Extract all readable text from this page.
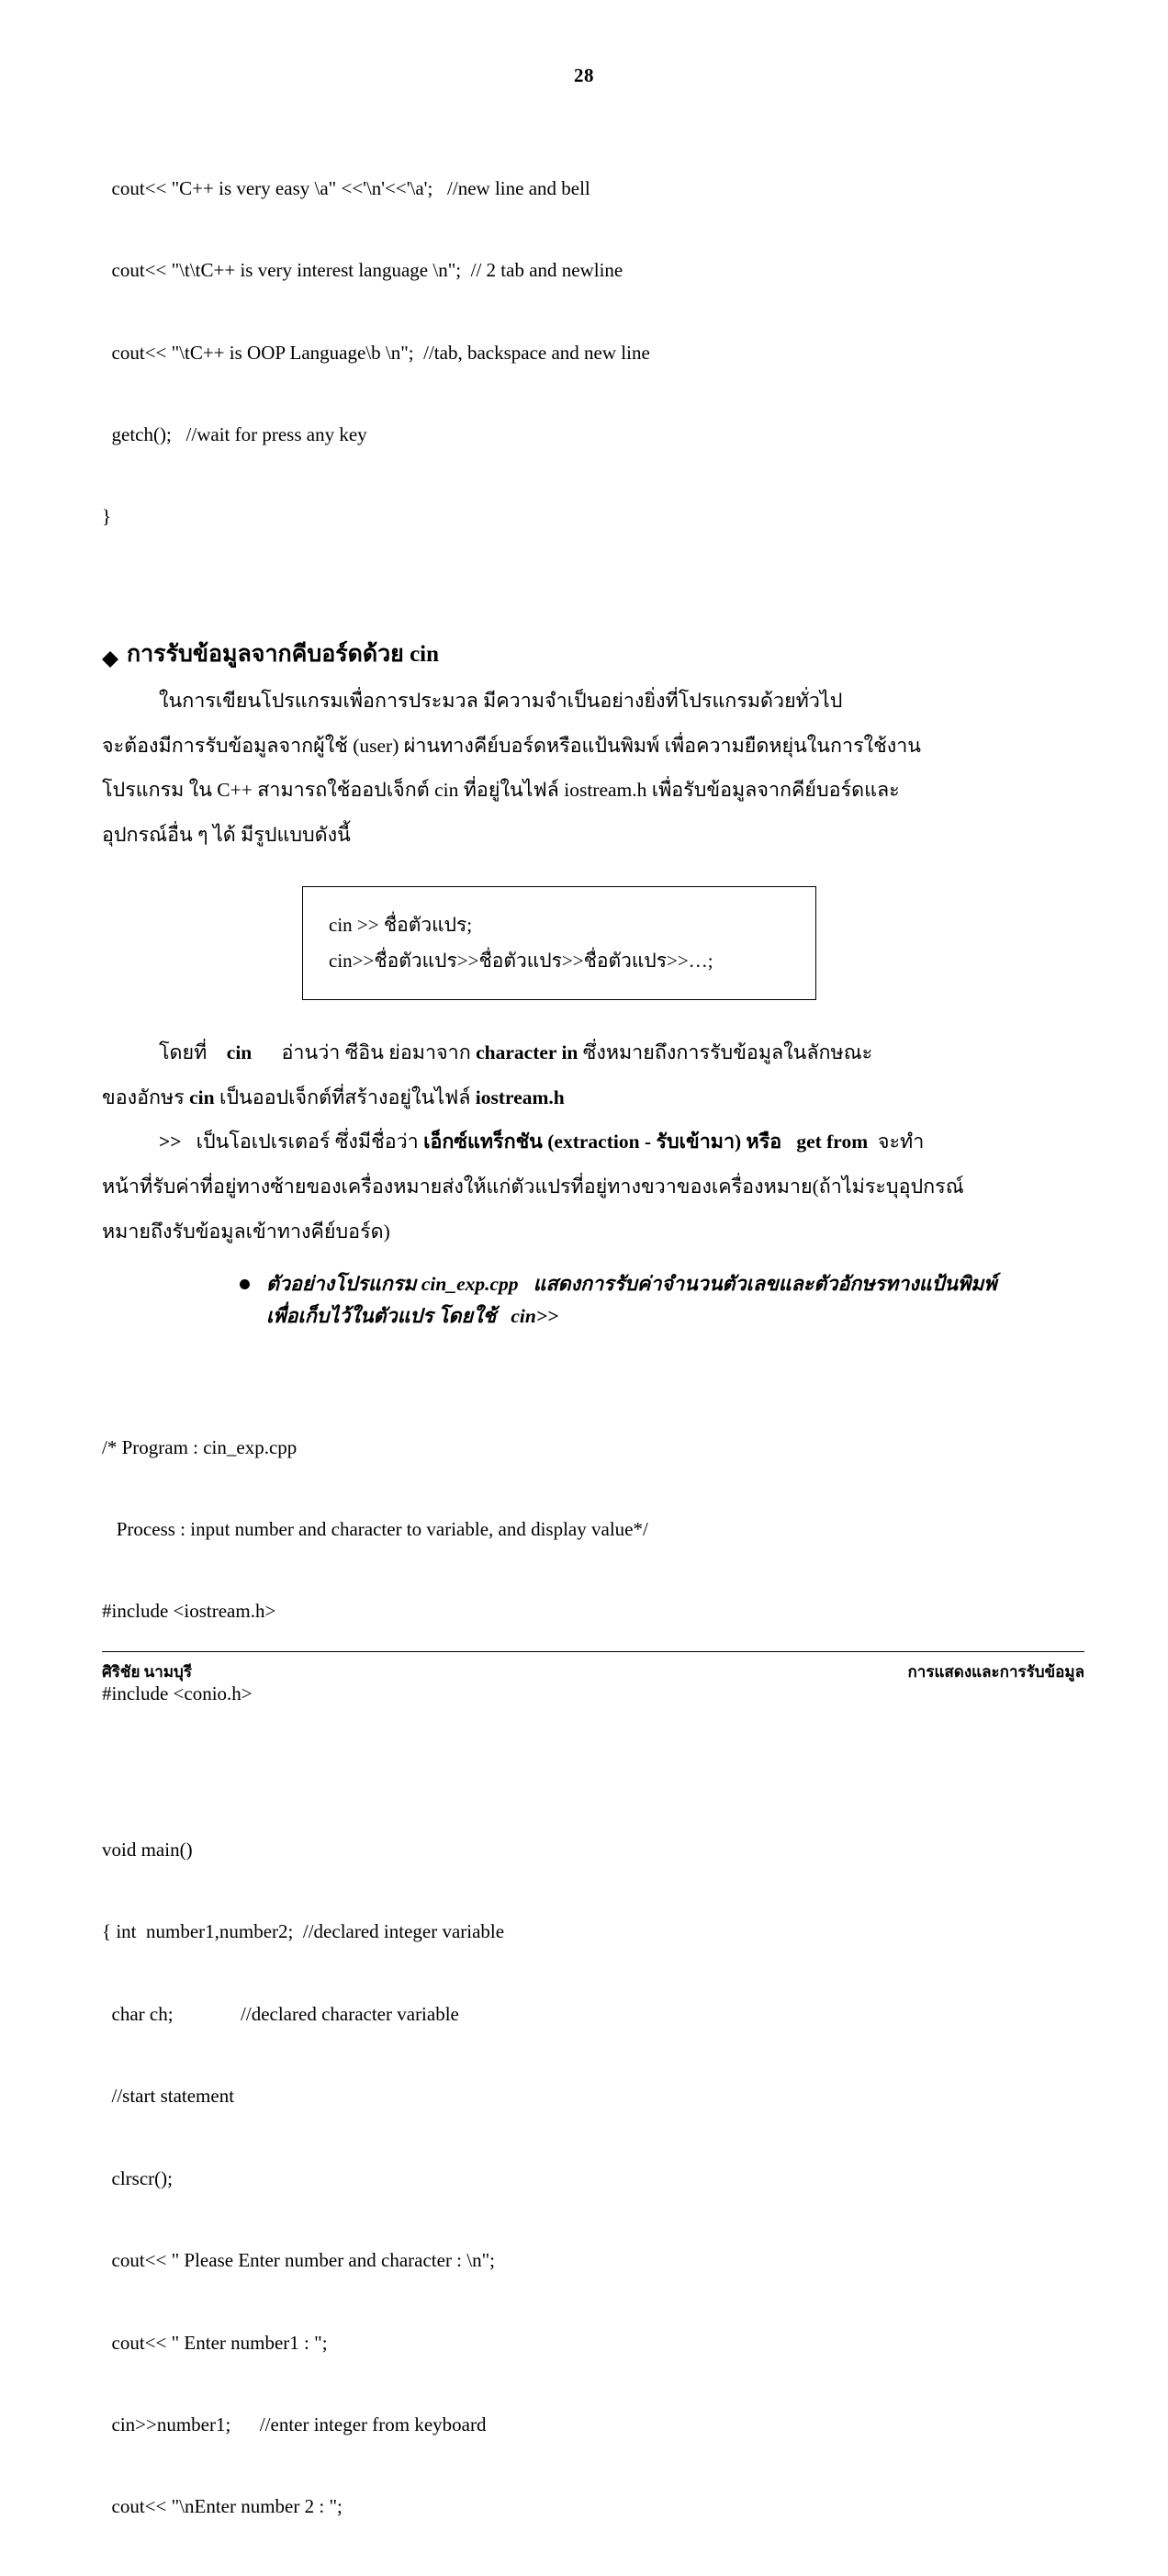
28

cout<< "C++ is very easy \a" <<'\n'<<'\a';   //new line and bell

cout<< "\t\tC++ is very interest language \n";  // 2 tab and newline

cout<< "\tC++ is OOP Language\b \n";  //tab, backspace and new line

getch();   //wait for press any key

}

การรับข้อมูลจากคีบอร์ดด้วย cin

ในการเขียนโปรแกรมเพื่อการประมวล มีความจำเป็นอย่างยิ่งที่โปรแกรมด้วยทั่วไป

จะต้องมีการรับข้อมูลจากผู้ใช้ (user) ผ่านทางคีย์บอร์ดหรือแป้นพิมพ์ เพื่อความยืดหยุ่นในการใช้งาน

โปรแกรม ใน C++ สามารถใช้ออปเจ็กต์ cin ที่อยู่ในไฟล์ iostream.h เพื่อรับข้อมูลจากคีย์บอร์ดและ

อุปกรณ์อื่น ๆ ได้ มีรูปแบบดังนี้

cin >> ชื่อตัวแปร;
cin>>ชื่อตัวแปร>>ชื่อตัวแปร>>ชื่อตัวแปร>>…;

โดยที่ cin อ่านว่า ซีอิน ย่อมาจาก character in ซึ่งหมายถึงการรับข้อมูลในลักษณะ

ของอักษร cin เป็นออปเจ็กต์ที่สร้างอยู่ในไฟล์ iostream.h

>> เป็นโอเปเรเตอร์ ซึ่งมีชื่อว่า เอ็กซ์แทร็กชัน (extraction - รับเข้ามา) หรือ get from จะทำ

หน้าที่รับค่าที่อยู่ทางซ้ายของเครื่องหมายส่งให้แก่ตัวแปรที่อยู่ทางขวาของเครื่องหมาย(ถ้าไม่ระบุอุปกรณ์

หมายถึงรับข้อมูลเข้าทางคีย์บอร์ด)

ตัวอย่างโปรแกรม cin_exp.cpp แสดงการรับค่าจำนวนตัวเลขและตัวอักษรทางแป้นพิมพ์
เพื่อเก็บไว้ในตัวแปร โดยใช้ cin>>

/* Program : cin_exp.cpp

Process : input number and character to variable, and display value*/

#include <iostream.h>

#include <conio.h>

void main()

{ int  number1,number2;  //declared integer variable

char ch;              //declared character variable

//start statement

clrscr();

cout<< " Please Enter number and character : \n";

cout<< " Enter number1 : ";

cin>>number1;      //enter integer from keyboard

cout<< "\nEnter number 2 : ";

ศิริชัย นามบุรี	การแสดงและการรับข้อมูล
